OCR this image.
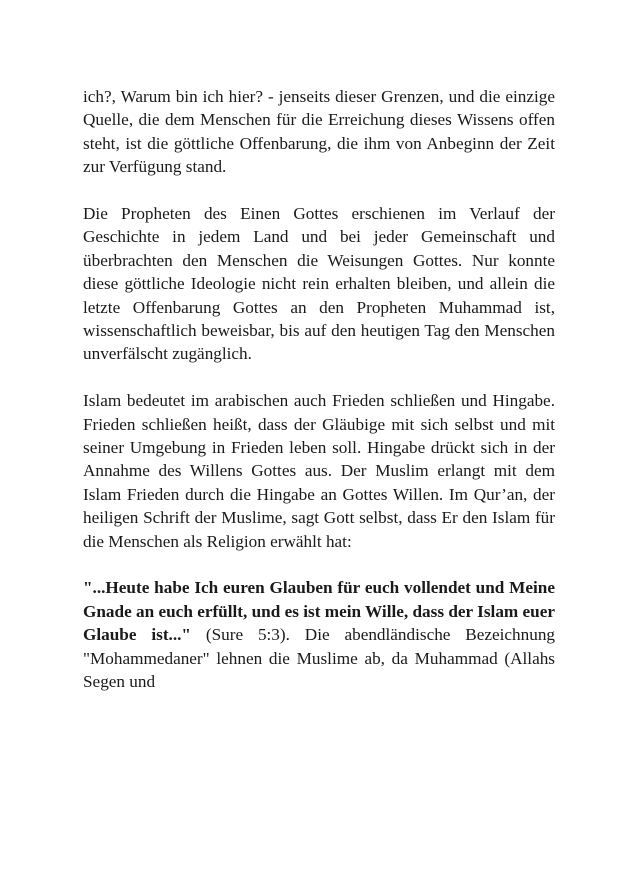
ich?, Warum bin ich hier? - jenseits dieser Grenzen, und die einzige Quelle, die dem Menschen für die Erreichung dieses Wissens offen steht, ist die göttliche Offenbarung, die ihm von Anbeginn der Zeit zur Verfügung stand.

Die Propheten des Einen Gottes erschienen im Verlauf der Geschichte in jedem Land und bei jeder Gemeinschaft und überbrachten den Menschen die Weisungen Gottes. Nur konnte diese göttliche Ideologie nicht rein erhalten bleiben, und allein die letzte Offenbarung Gottes an den Propheten Muhammad ist, wissenschaftlich beweisbar, bis auf den heutigen Tag den Menschen unverfälscht zugänglich.

Islam bedeutet im arabischen auch Frieden schließen und Hingabe. Frieden schließen heißt, dass der Gläubige mit sich selbst und mit seiner Umgebung in Frieden leben soll. Hingabe drückt sich in der Annahme des Willens Gottes aus. Der Muslim erlangt mit dem Islam Frieden durch die Hingabe an Gottes Willen. Im Qur’an, der heiligen Schrift der Muslime, sagt Gott selbst, dass Er den Islam für die Menschen als Religion erwählt hat:

"...Heute habe Ich euren Glauben für euch vollendet und Meine Gnade an euch erfüllt, und es ist mein Wille, dass der Islam euer Glaube ist..." (Sure 5:3). Die abendländische Bezeichnung "Mohammedaner" lehnen die Muslime ab, da Muhammad (Allahs Segen und
